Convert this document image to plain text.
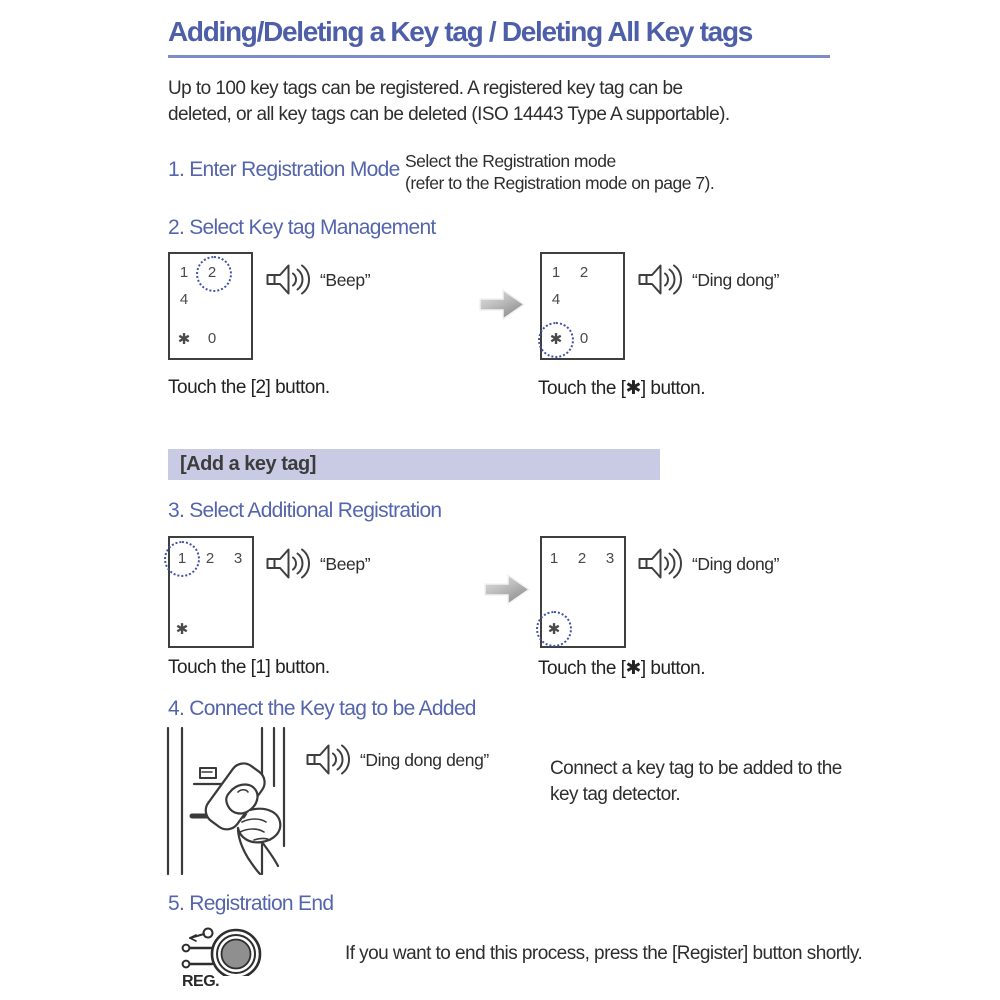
Adding/Deleting a Key tag / Deleting All Key tags
Up to 100 key tags can be registered. A registered key tag can be
deleted, or all key tags can be deleted (ISO 14443 Type A supportable).
1. Enter Registration Mode Select the Registration mode
(refer to the Registration mode on page 7).
2. Select Key tag Management
1	2
4
✱	0
“Beep”	1	2
4
✱	0
“Ding dong”
Touch the [2] button.	Touch the [✱] button.
[Add a key tag]
3. Select Additional Registration
1	2	3
✱
“Beep”	1	2	3
✱
“Ding dong”
Touch the [1] button.	Touch the [✱] button.
4. Connect the Key tag to be Added
“Ding dong deng”	Connect a key tag to be added to the
key tag detector.
5. Registration End
REG.
If you want to end this process, press the [Register] button shortly.
